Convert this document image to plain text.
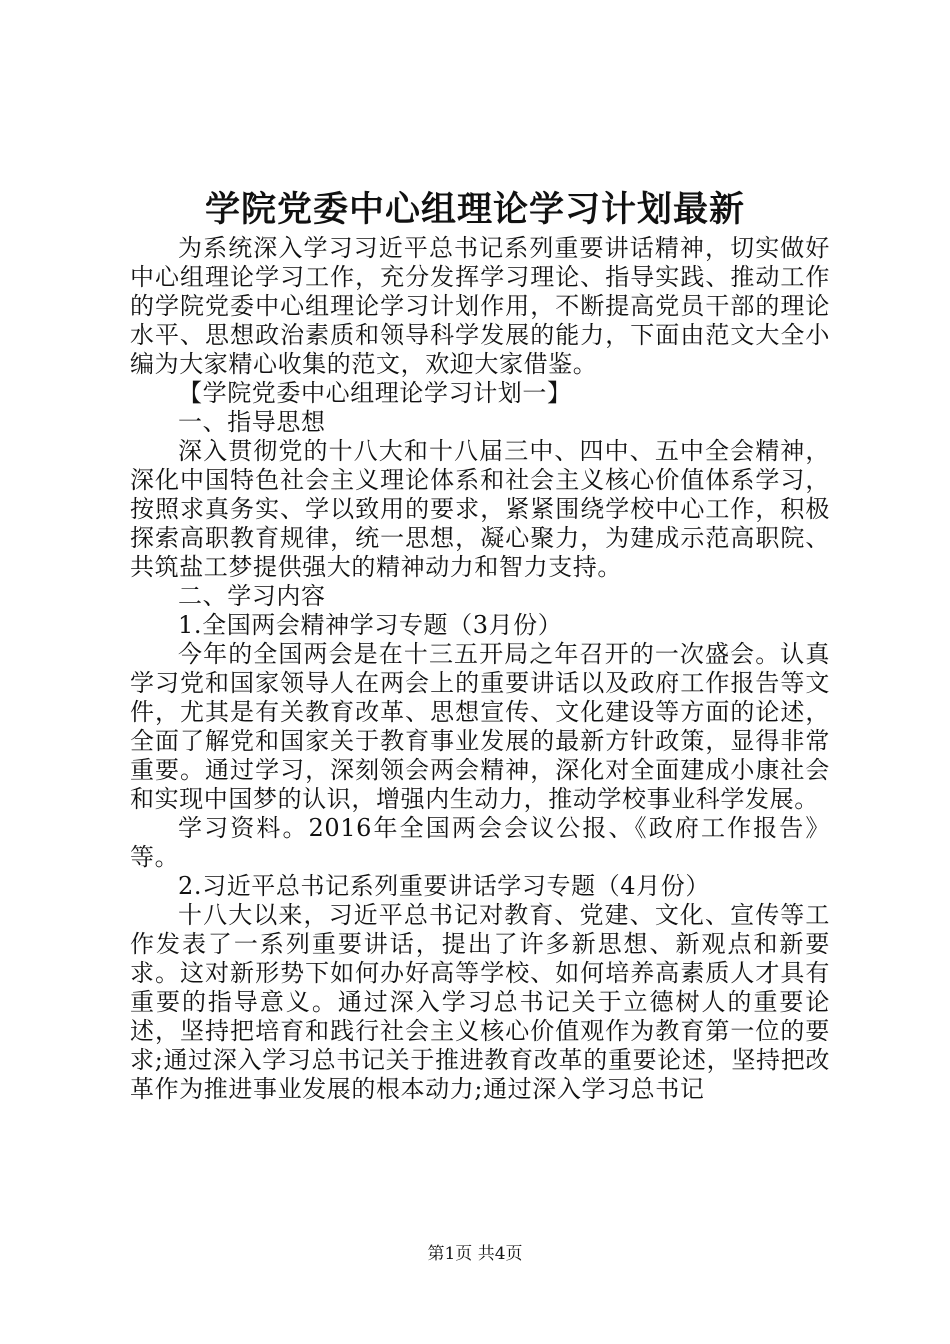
学院党委中心组理论学习计划最新

为系统深入学习习近平总书记系列重要讲话精神，切实做好中心组理论学习工作，充分发挥学习理论、指导实践、推动工作的学院党委中心组理论学习计划作用，不断提高党员干部的理论水平、思想政治素质和领导科学发展的能力，下面由范文大全小编为大家精心收集的范文，欢迎大家借鉴。

【学院党委中心组理论学习计划一】

一、指导思想

深入贯彻党的十八大和十八届三中、四中、五中全会精神，深化中国特色社会主义理论体系和社会主义核心价值体系学习，按照求真务实、学以致用的要求，紧紧围绕学校中心工作，积极探索高职教育规律，统一思想，凝心聚力，为建成示范高职院、共筑盐工梦提供强大的精神动力和智力支持。

二、学习内容

1.全国两会精神学习专题（3月份）

今年的全国两会是在十三五开局之年召开的一次盛会。认真学习党和国家领导人在两会上的重要讲话以及政府工作报告等文件，尤其是有关教育改革、思想宣传、文化建设等方面的论述，全面了解党和国家关于教育事业发展的最新方针政策，显得非常重要。通过学习，深刻领会两会精神，深化对全面建成小康社会和实现中国梦的认识，增强内生动力，推动学校事业科学发展。

学习资料。2016年全国两会会议公报、《政府工作报告》等。

2.习近平总书记系列重要讲话学习专题（4月份）

十八大以来，习近平总书记对教育、党建、文化、宣传等工作发表了一系列重要讲话，提出了许多新思想、新观点和新要求。这对新形势下如何办好高等学校、如何培养高素质人才具有重要的指导意义。通过深入学习总书记关于立德树人的重要论述，坚持把培育和践行社会主义核心价值观作为教育第一位的要求;通过深入学习总书记关于推进教育改革的重要论述，坚持把改革作为推进事业发展的根本动力;通过深入学习总书记

第1页 共4页
